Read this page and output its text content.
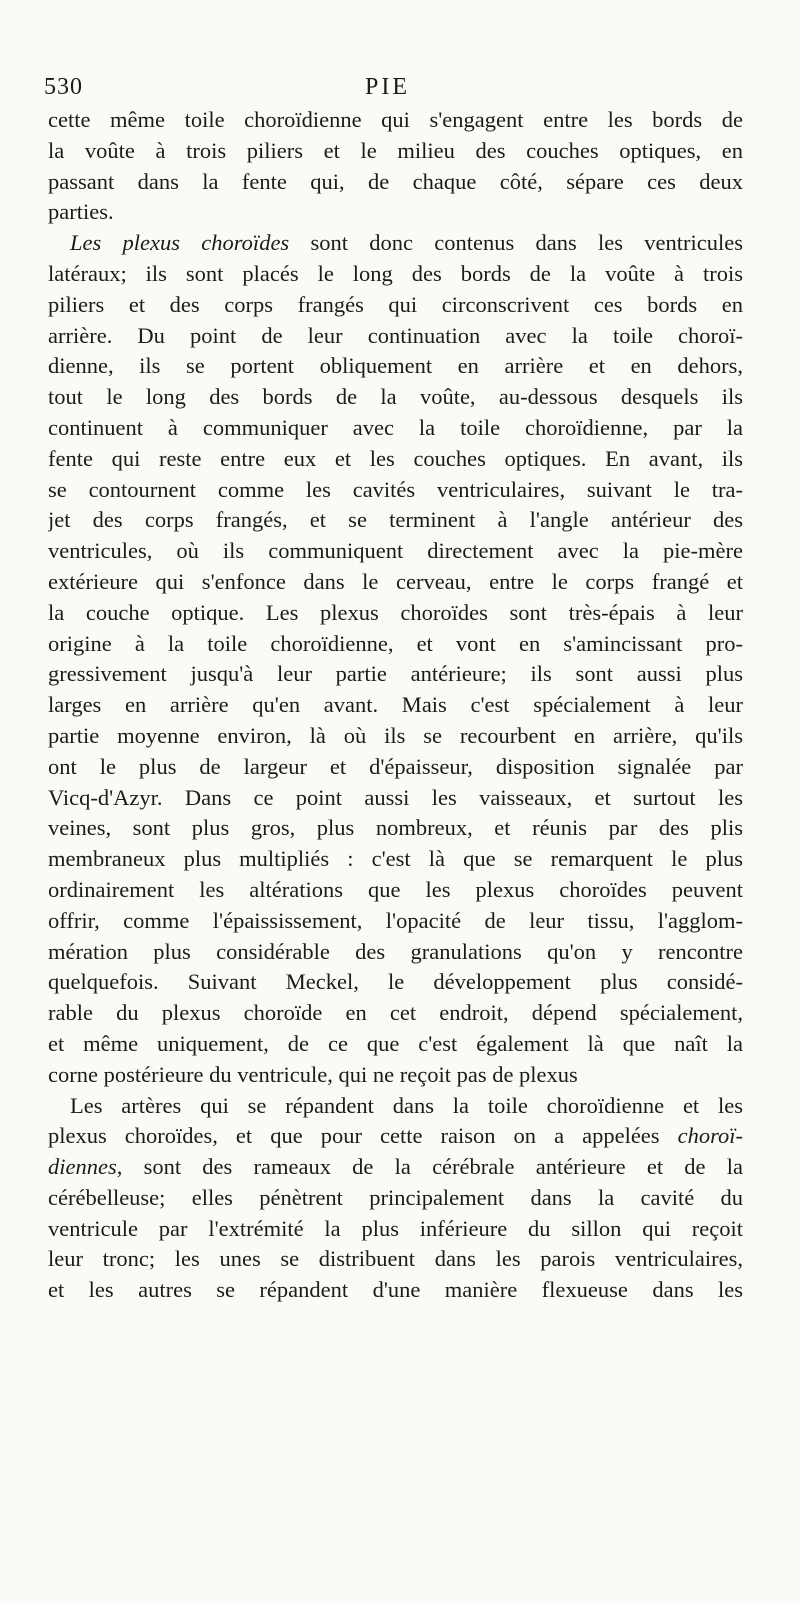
530	PIE
cette même toile choroïdienne qui s'engagent entre les bords de
la voûte à trois piliers et le milieu des couches optiques, en
passant dans la fente qui, de chaque côté, sépare ces deux
parties.
Les plexus choroïdes sont donc contenus dans les ventricules
latéraux; ils sont placés le long des bords de la voûte à trois
piliers et des corps frangés qui circonscrivent ces bords en
arrière. Du point de leur continuation avec la toile choroï-
dienne, ils se portent obliquement en arrière et en dehors,
tout le long des bords de la voûte, au-dessous desquels ils
continuent à communiquer avec la toile choroïdienne, par la
fente qui reste entre eux et les couches optiques. En avant, ils
se contournent comme les cavités ventriculaires, suivant le tra-
jet des corps frangés, et se terminent à l'angle antérieur des
ventricules, où ils communiquent directement avec la pie-mère
extérieure qui s'enfonce dans le cerveau, entre le corps frangé et
la couche optique. Les plexus choroïdes sont très-épais à leur
origine à la toile choroïdienne, et vont en s'amincissant pro-
gressivement jusqu'à leur partie antérieure; ils sont aussi plus
larges en arrière qu'en avant. Mais c'est spécialement à leur
partie moyenne environ, là où ils se recourbent en arrière, qu'ils
ont le plus de largeur et d'épaisseur, disposition signalée par
Vicq-d'Azyr. Dans ce point aussi les vaisseaux, et surtout les
veines, sont plus gros, plus nombreux, et réunis par des plis
membraneux plus multipliés : c'est là que se remarquent le plus
ordinairement les altérations que les plexus choroïdes peuvent
offrir, comme l'épaississement, l'opacité de leur tissu, l'agglom-
mération plus considérable des granulations qu'on y rencontre
quelquefois. Suivant Meckel, le développement plus considé-
rable du plexus choroïde en cet endroit, dépend spécialement,
et même uniquement, de ce que c'est également là que naît la
corne postérieure du ventricule, qui ne reçoit pas de plexus
Les artères qui se répandent dans la toile choroïdienne et les
plexus choroïdes, et que pour cette raison on a appelées choroï-
diennes, sont des rameaux de la cérébrale antérieure et de la
cérébelleuse; elles pénètrent principalement dans la cavité du
ventricule par l'extrémité la plus inférieure du sillon qui reçoit
leur tronc; les unes se distribuent dans les parois ventriculaires,
et les autres se répandent d'une manière flexueuse dans les
